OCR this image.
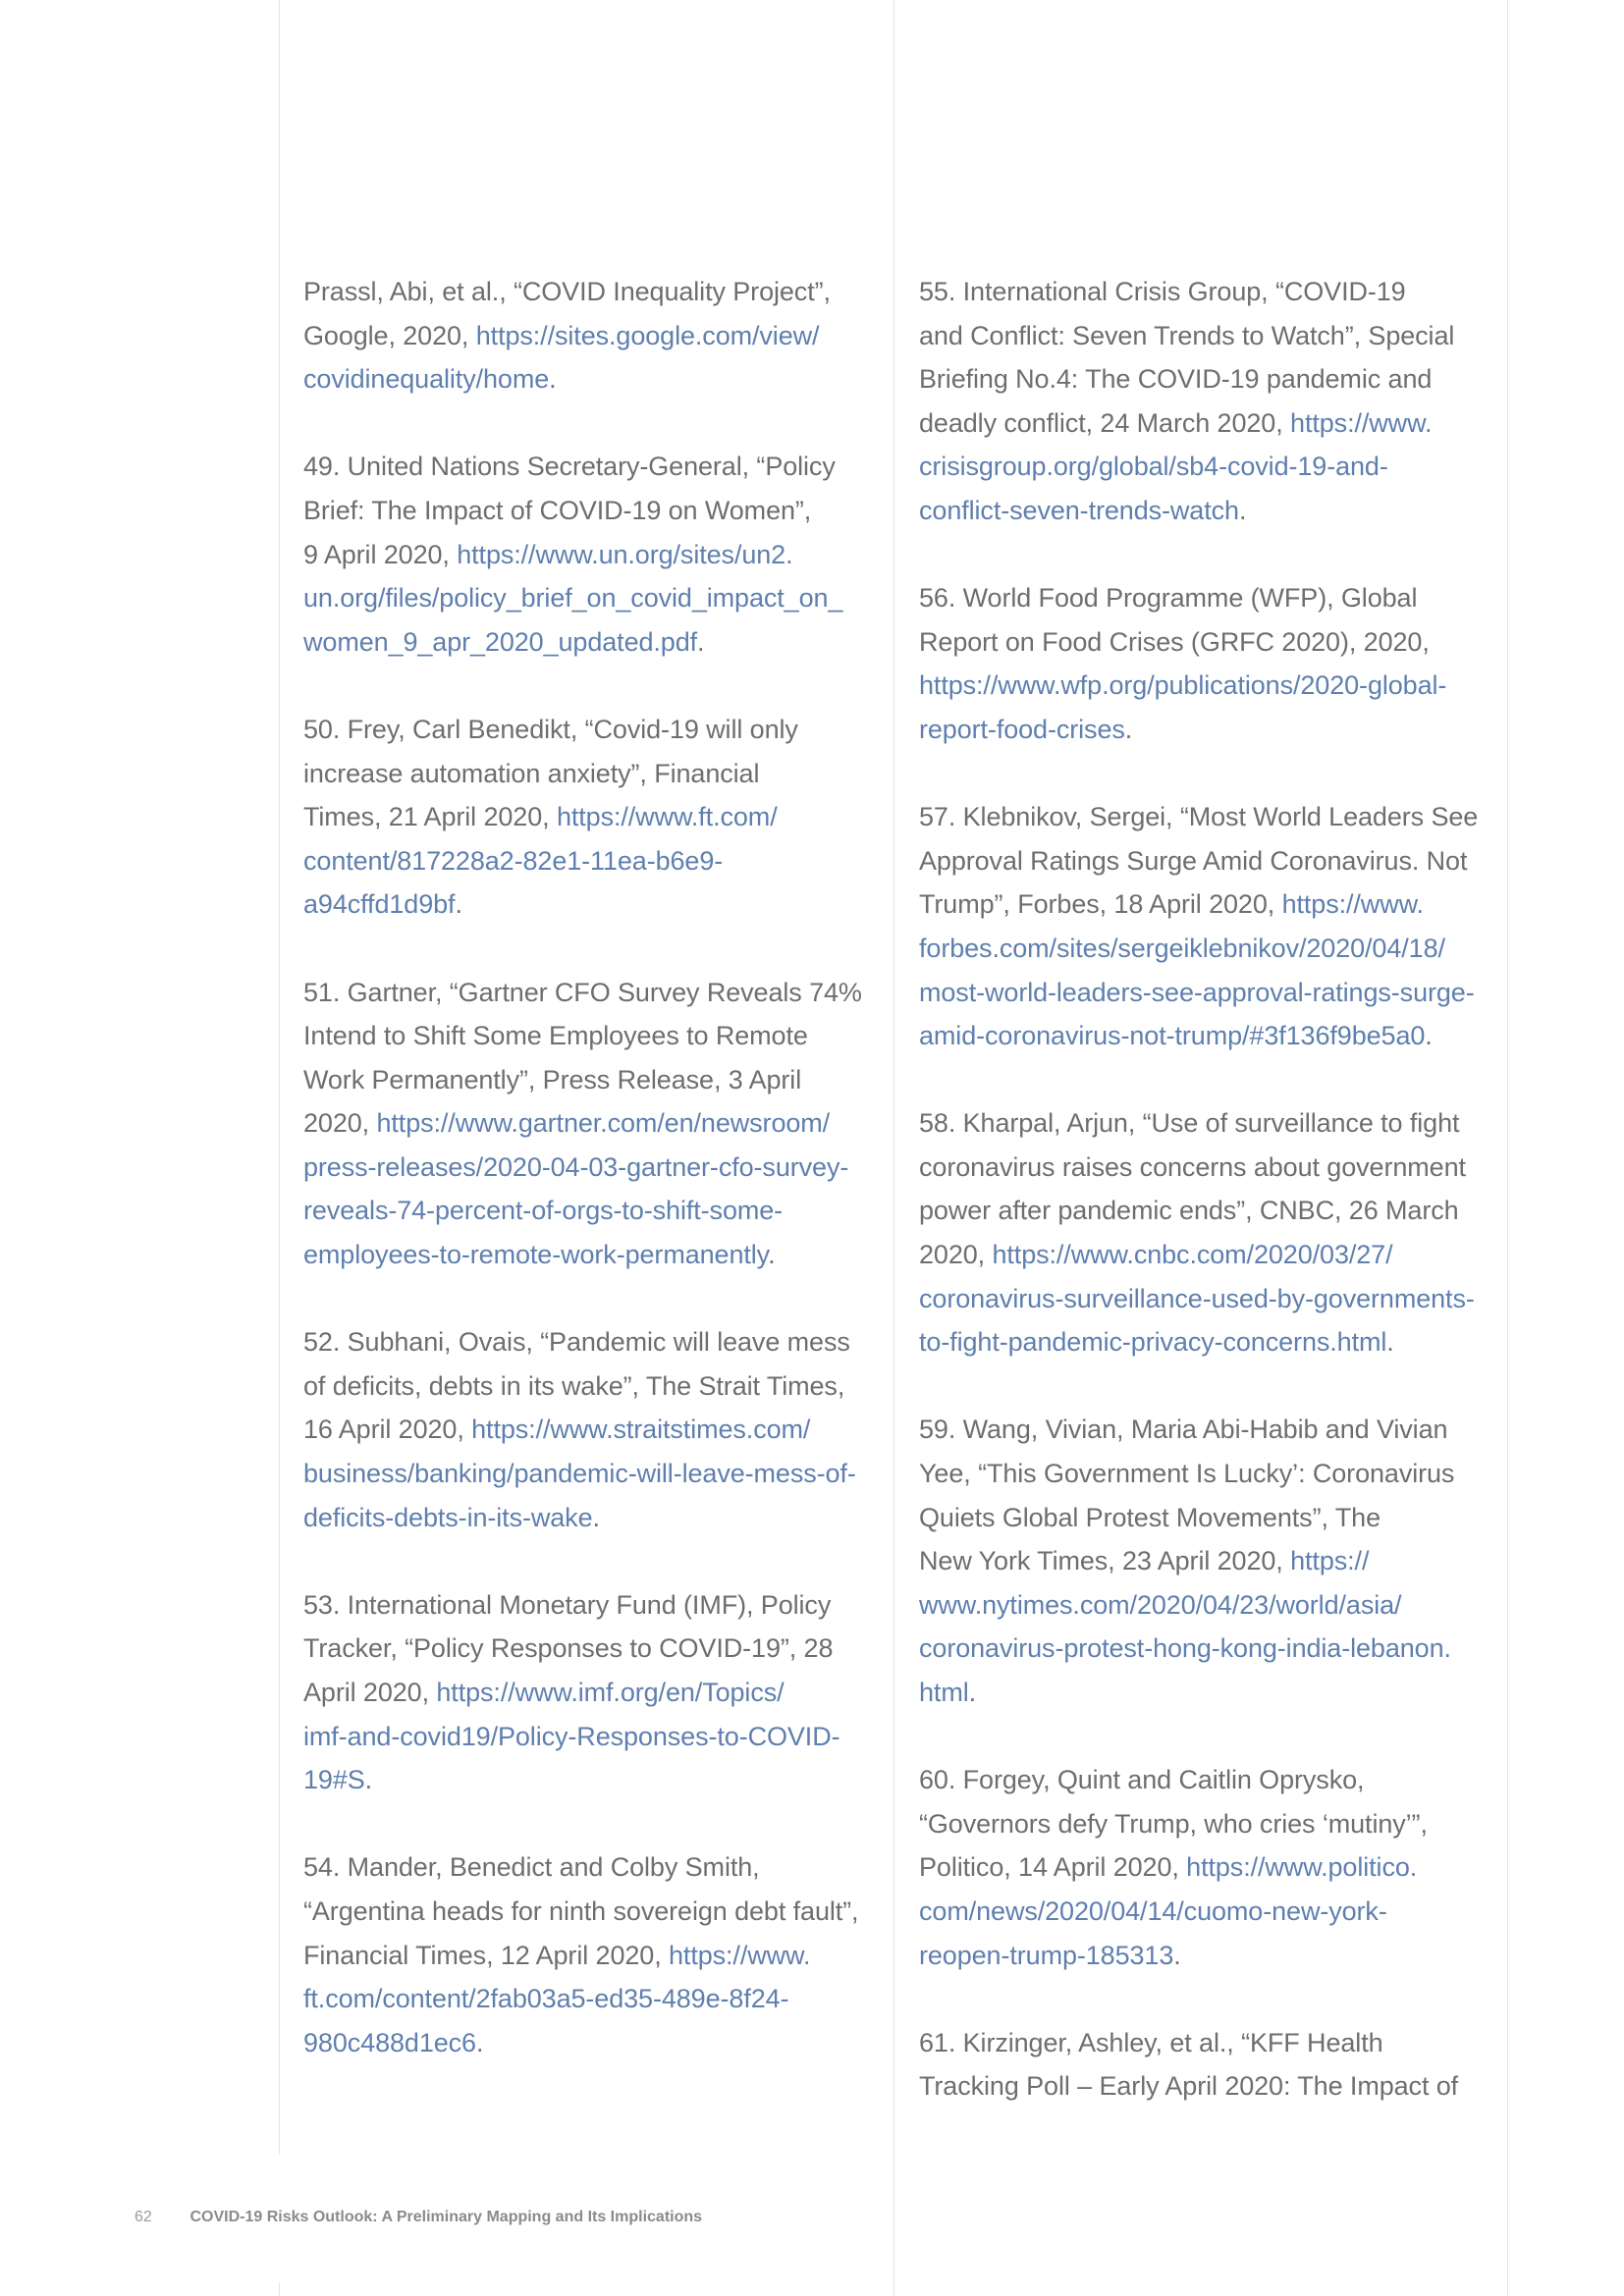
Prassl, Abi, et al., “COVID Inequality Project”,
Google, 2020, https://sites.google.com/view/
covidinequality/home.
49. United Nations Secretary-General, “Policy
Brief: The Impact of COVID-19 on Women”,
9 April 2020, https://www.un.org/sites/un2.
un.org/files/policy_brief_on_covid_impact_on_
women_9_apr_2020_updated.pdf.
50. Frey, Carl Benedikt, “Covid-19 will only
increase automation anxiety”, Financial
Times, 21 April 2020, https://www.ft.com/
content/817228a2-82e1-11ea-b6e9-
a94cffd1d9bf.
51. Gartner, “Gartner CFO Survey Reveals 74%
Intend to Shift Some Employees to Remote
Work Permanently”, Press Release, 3 April
2020, https://www.gartner.com/en/newsroom/
press-releases/2020-04-03-gartner-cfo-survey-
reveals-74-percent-of-orgs-to-shift-some-
employees-to-remote-work-permanently.
52. Subhani, Ovais, “Pandemic will leave mess
of deficits, debts in its wake”, The Strait Times,
16 April 2020, https://www.straitstimes.com/
business/banking/pandemic-will-leave-mess-of-
deficits-debts-in-its-wake.
53. International Monetary Fund (IMF), Policy
Tracker, “Policy Responses to COVID-19”, 28
April 2020, https://www.imf.org/en/Topics/
imf-and-covid19/Policy-Responses-to-COVID-
19#S.
54. Mander, Benedict and Colby Smith,
“Argentina heads for ninth sovereign debt fault”,
Financial Times, 12 April 2020, https://www.
ft.com/content/2fab03a5-ed35-489e-8f24-
980c488d1ec6.
55. International Crisis Group, “COVID-19
and Conflict: Seven Trends to Watch”, Special
Briefing No.4: The COVID-19 pandemic and
deadly conflict, 24 March 2020, https://www.
crisisgroup.org/global/sb4-covid-19-and-
conflict-seven-trends-watch.
56. World Food Programme (WFP), Global
Report on Food Crises (GRFC 2020), 2020,
https://www.wfp.org/publications/2020-global-
report-food-crises.
57. Klebnikov, Sergei, “Most World Leaders See
Approval Ratings Surge Amid Coronavirus. Not
Trump”, Forbes, 18 April 2020, https://www.
forbes.com/sites/sergeiklebnikov/2020/04/18/
most-world-leaders-see-approval-ratings-surge-
amid-coronavirus-not-trump/#3f136f9be5a0.
58. Kharpal, Arjun, “Use of surveillance to fight
coronavirus raises concerns about government
power after pandemic ends”, CNBC, 26 March
2020, https://www.cnbc.com/2020/03/27/
coronavirus-surveillance-used-by-governments-
to-fight-pandemic-privacy-concerns.html.
59. Wang, Vivian, Maria Abi-Habib and Vivian
Yee, “This Government Is Lucky’: Coronavirus
Quiets Global Protest Movements”, The
New York Times, 23 April 2020, https://
www.nytimes.com/2020/04/23/world/asia/
coronavirus-protest-hong-kong-india-lebanon.
html.
60. Forgey, Quint and Caitlin Oprysko,
“Governors defy Trump, who cries ‘mutiny’”,
Politico, 14 April 2020, https://www.politico.
com/news/2020/04/14/cuomo-new-york-
reopen-trump-185313.
61. Kirzinger, Ashley, et al., “KFF Health
Tracking Poll – Early April 2020: The Impact of
62 COVID-19 Risks Outlook: A Preliminary Mapping and Its Implications
